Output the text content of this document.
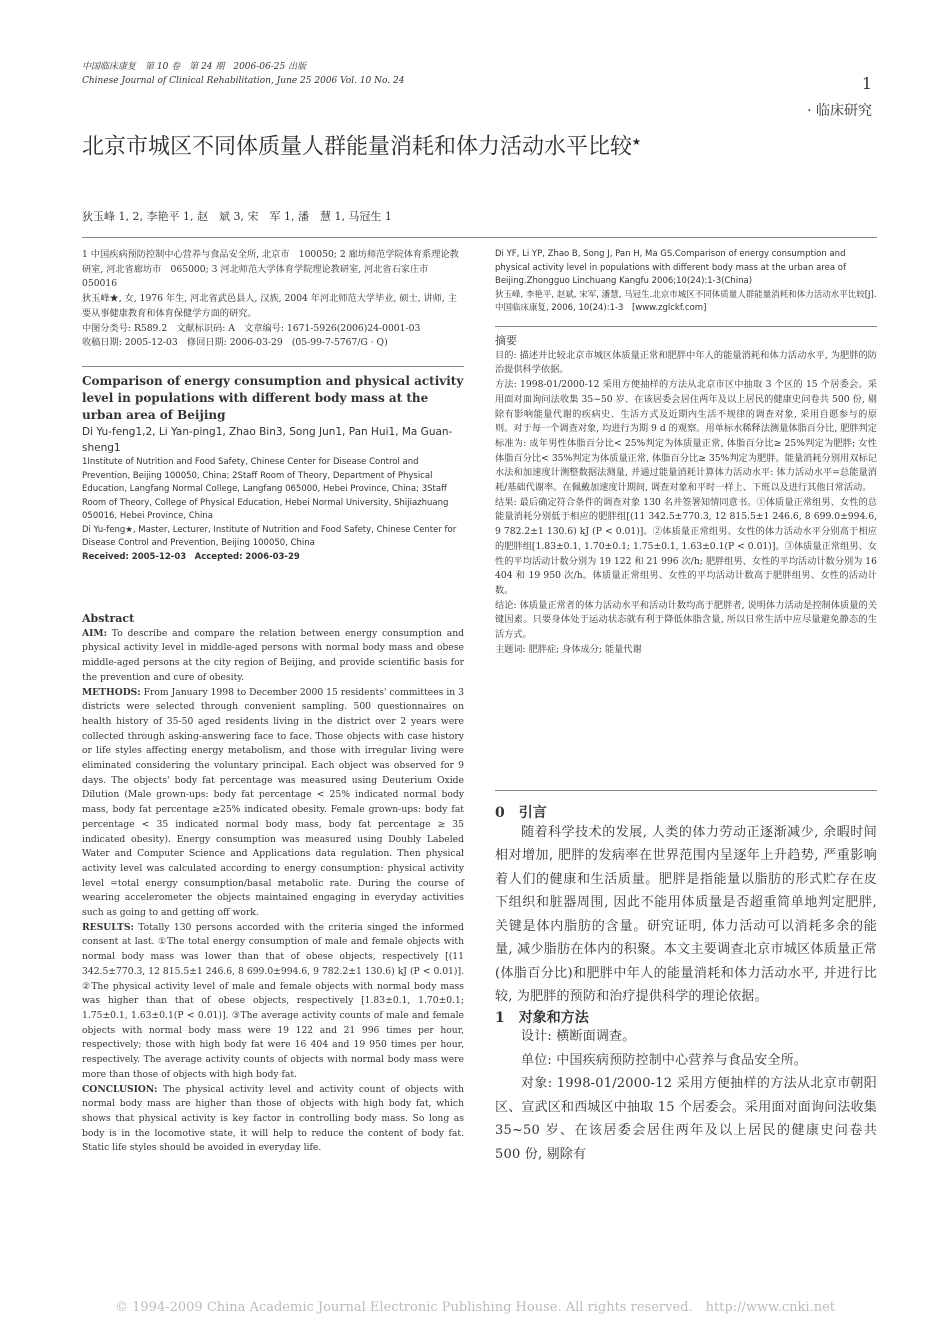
中国临床康复　第 10 卷　第 24 期　2006-06-25 出版
Chinese Journal of Clinical Rehabilitation, June 25 2006 Vol. 10 No. 24	1
· 临床研究
北京市城区不同体质量人群能量消耗和体力活动水平比较★
狄玉峰 1, 2, 李艳平 1, 赵　斌 3, 宋　军 1, 潘　慧 1, 马冠生 1

1 中国疾病预防控制中心营养与食品安全所, 北京市　100050; 2 廊坊师范学院体育系理论教研室, 河北省廊坊市　065000; 3 河北师范大学体育学院理论教研室, 河北省石家庄市　050016

狄玉峰★, 女, 1976 年生, 河北省武邑县人, 汉族, 2004 年河北师范大学毕业, 硕士, 讲师, 主要从事健康教育和体育保健学方面的研究。

中图分类号: R589.2　文献标识码: A　文章编号: 1671-5926(2006)24-0001-03

收稿日期: 2005-12-03　修回日期: 2006-03-29　(05-99-7-5767/G · Q)

Comparison of energy consumption and physical activity level in populations with different body mass at the urban area of Beijing

Di Yu-feng1,2, Li Yan-ping1, Zhao Bin3, Song Jun1, Pan Hui1, Ma Guan-sheng1

1Institute of Nutrition and Food Safety, Chinese Center for Disease Control and Prevention, Beijing 100050, China; 2Staff Room of Theory, Department of Physical Education, Langfang Normal College, Langfang 065000, Hebei Province, China; 3Staff Room of Theory, College of Physical Education, Hebei Normal University, Shijiazhuang 050016, Hebei Province, China

Di Yu-feng★, Master, Lecturer, Institute of Nutrition and Food Safety, Chinese Center for Disease Control and Prevention, Beijing 100050, China

Received: 2005-12-03　Accepted: 2006-03-29

Abstract

AIM: To describe and compare the relation between energy consumption and physical activity level in middle-aged persons with normal body mass and obese middle-aged persons at the city region of Beijing, and provide scientific basis for the prevention and cure of obesity.

METHODS: From January 1998 to December 2000 15 residents' committees in 3 districts were selected through convenient sampling. 500 questionnaires on health history of 35-50 aged residents living in the district over 2 years were collected through asking-answering face to face. Those objects with case history or life styles affecting energy metabolism, and those with irregular living were eliminated considering the voluntary principal. Each object was observed for 9 days. The objects' body fat percentage was measured using Deuterium Oxide Dilution (Male grown-ups: body fat percentage < 25% indicated normal body mass, body fat percentage ≥25% indicated obesity. Female grown-ups: body fat percentage < 35 indicated normal body mass, body fat percentage ≥ 35 indicated obesity). Energy consumption was measured using Doubly Labeled Water and Computer Science and Applications data regulation. Then physical activity level was calculated according to energy consumption: physical activity level =total energy consumption/basal metabolic rate. During the course of wearing accelerometer the objects maintained engaging in everyday activities such as going to and getting off work.

RESULTS: Totally 130 persons accorded with the criteria singed the informed consent at last. ①The total energy consumption of male and female objects with normal body mass was lower than that of obese objects, respectively [(11 342.5±770.3, 12 815.5±1 246.6, 8 699.0±994.6, 9 782.2±1 130.6) kJ (P < 0.01)]. ②The physical activity level of male and female objects with normal body mass was higher than that of obese objects, respectively [1.83±0.1, 1.70±0.1; 1.75±0.1, 1.63±0.1(P < 0.01)]. ③The average activity counts of male and female objects with normal body mass were 19 122 and 21 996 times per hour, respectively; those with high body fat were 16 404 and 19 950 times per hour, respectively. The average activity counts of objects with normal body mass were more than those of objects with high body fat.

CONCLUSION: The physical activity level and activity count of objects with normal body mass are higher than those of objects with high body fat, which shows that physical activity is key factor in controlling body mass. So long as body is in the locomotive state, it will help to reduce the content of body fat. Static life styles should be avoided in everyday life.

Di YF, Li YP, Zhao B, Song J, Pan H, Ma GS.Comparison of energy consumption and physical activity level in populations with different body mass at the urban area of Beijing.Zhongguo Linchuang Kangfu 2006;10(24):1-3(China)

狄玉峰, 李艳平, 赵斌, 宋军, 潘慧, 马冠生.北京市城区不同体质量人群能量消耗和体力活动水平比较[J].中国临床康复, 2006, 10(24):1-3　[www.zglckf.com]

摘要

目的: 描述并比较北京市城区体质量正常和肥胖中年人的能量消耗和体力活动水平, 为肥胖的防治提供科学依据。

方法: 1998-01/2000-12 采用方便抽样的方法从北京市区中抽取 3 个区的 15 个居委会。采用面对面询问法收集 35~50 岁、在该居委会居住两年及以上居民的健康史问卷共 500 份, 剔除有影响能量代谢的疾病史、生活方式及近期内生活不规律的调查对象, 采用自愿参与的原则。对于每一个调查对象, 均进行为期 9 d 的观察。用单标水稀释法测量体脂百分比, 肥胖判定标准为: 成年男性体脂百分比< 25%判定为体质量正常, 体脂百分比≥ 25%判定为肥胖; 女性体脂百分比< 35%判定为体质量正常, 体脂百分比≥ 35%判定为肥胖。能量消耗分别用双标记水法和加速度计测整数据法测量, 并通过能量消耗计算体力活动水平: 体力活动水平=总能量消耗/基础代谢率。在佩戴加速度计期间, 调查对象和平时一样上、下班以及进行其他日常活动。

结果: 最后确定符合条件的调查对象 130 名并签署知情同意书。①体质量正常组男、女性的总能量消耗分别低于相应的肥胖组[(11 342.5±770.3, 12 815.5±1 246.6, 8 699.0±994.6, 9 782.2±1 130.6) kJ (P < 0.01)]。②体质量正常组男、女性的体力活动水平分别高于相应的肥胖组[1.83±0.1, 1.70±0.1; 1.75±0.1, 1.63±0.1(P < 0.01)]。③体质量正常组男、女性的平均活动计数分别为 19 122 和 21 996 次/h; 肥胖组男、女性的平均活动计数分别为 16 404 和 19 950 次/h。体质量正常组男、女性的平均活动计数高于肥胖组男、女性的活动计数。

结论: 体质量正常者的体力活动水平和活动计数均高于肥胖者, 说明体力活动是控制体质量的关键因素。只要身体处于运动状态就有利于降低体脂含量, 所以日常生活中应尽量避免静态的生活方式。

主题词: 肥胖症; 身体成分; 能量代谢

0　引言

随着科学技术的发展, 人类的体力劳动正逐渐减少, 余暇时间相对增加, 肥胖的发病率在世界范围内呈逐年上升趋势, 严重影响着人们的健康和生活质量。肥胖是指能量以脂肪的形式贮存在皮下组织和脏器周围, 因此不能用体质量是否超重简单地判定肥胖, 关键是体内脂肪的含量。研究证明, 体力活动可以消耗多余的能量, 减少脂肪在体内的积聚。本文主要调查北京市城区体质量正常(体脂百分比)和肥胖中年人的能量消耗和体力活动水平, 并进行比较, 为肥胖的预防和治疗提供科学的理论依据。

1　对象和方法

设计: 横断面调查。

单位: 中国疾病预防控制中心营养与食品安全所。

对象: 1998-01/2000-12 采用方便抽样的方法从北京市朝阳区、宣武区和西城区中抽取 15 个居委会。采用面对面询问法收集 35~50 岁、在该居委会居住两年及以上居民的健康史问卷共 500 份, 剔除有

© 1994-2009 China Academic Journal Electronic Publishing House. All rights reserved.　http://www.cnki.net
